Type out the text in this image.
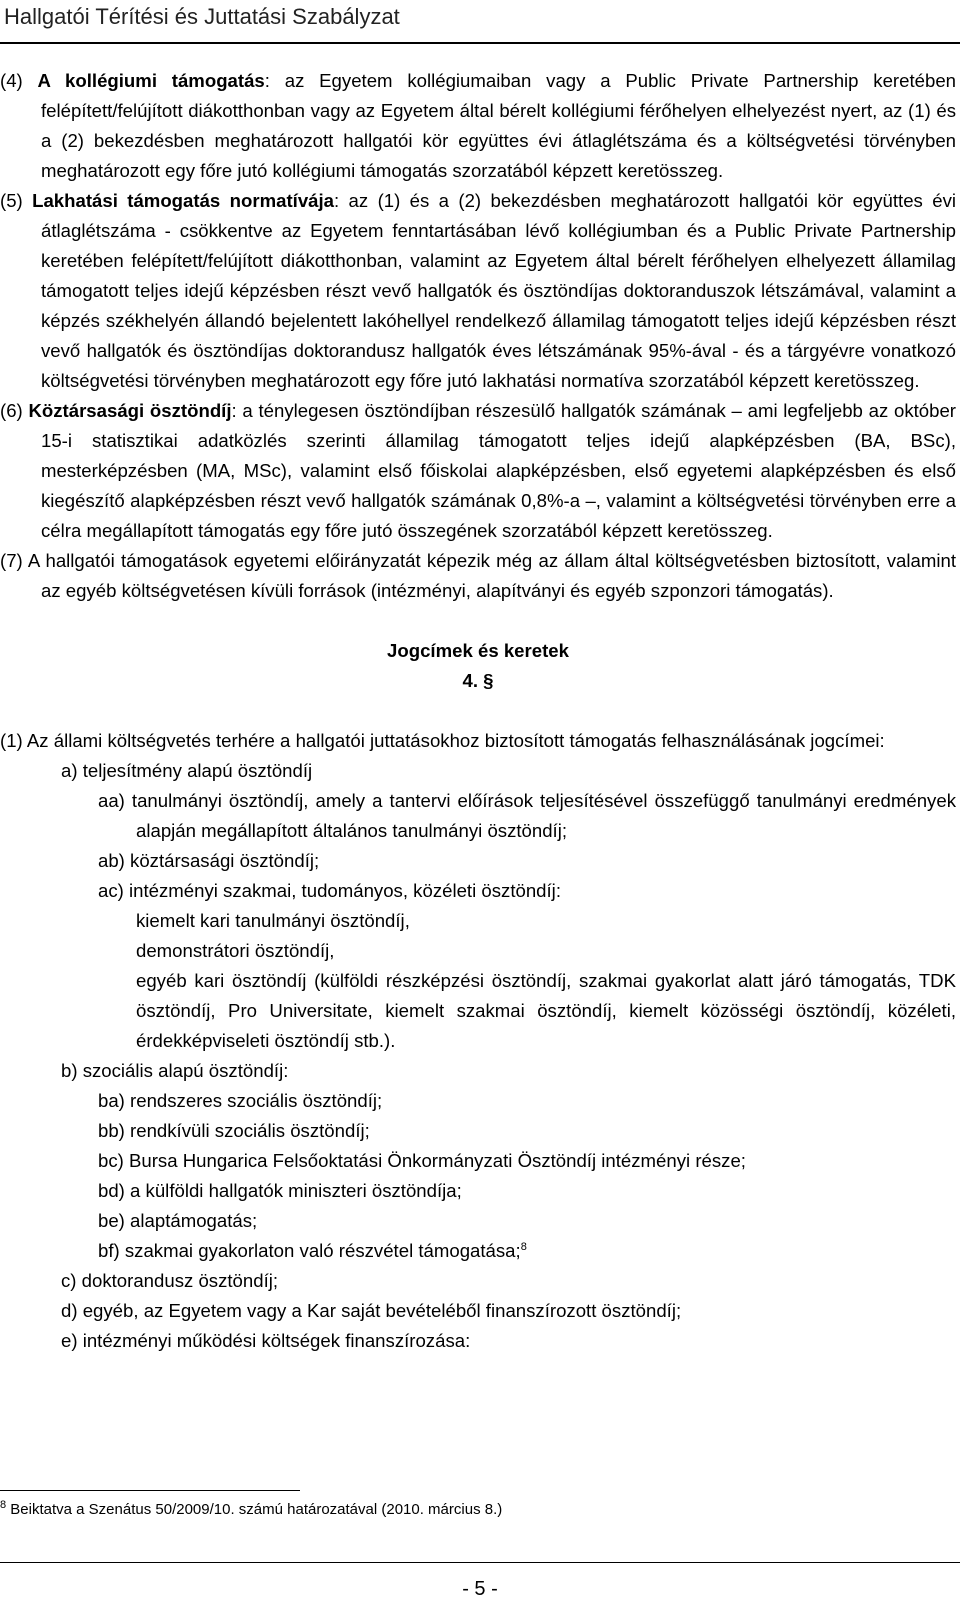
Hallgatói Térítési és Juttatási Szabályzat

(4) A kollégiumi támogatás: az Egyetem kollégiumaiban vagy a Public Private Partnership keretében felépített/felújított diákotthonban vagy az Egyetem által bérelt kollégiumi férőhelyen elhelyezést nyert, az (1) és a (2) bekezdésben meghatározott hallgatói kör együttes évi átlaglétszáma és a költségvetési törvényben meghatározott egy főre jutó kollégiumi támogatás szorzatából képzett keretösszeg.

(5) Lakhatási támogatás normatívája: az (1) és a (2) bekezdésben meghatározott hallgatói kör együttes évi átlaglétszáma - csökkentve az Egyetem fenntartásában lévő kollégiumban és a Public Private Partnership keretében felépített/felújított diákotthonban, valamint az Egyetem által bérelt férőhelyen elhelyezett államilag támogatott teljes idejű képzésben részt vevő hallgatók és ösztöndíjas doktoranduszok létszámával, valamint a képzés székhelyén állandó bejelentett lakóhellyel rendelkező államilag támogatott teljes idejű képzésben részt vevő hallgatók és ösztöndíjas doktorandusz hallgatók éves létszámának 95%-ával - és a tárgyévre vonatkozó költségvetési törvényben meghatározott egy főre jutó lakhatási normatíva szorzatából képzett keretösszeg.

(6) Köztársasági ösztöndíj: a ténylegesen ösztöndíjban részesülő hallgatók számának – ami legfeljebb az október 15-i statisztikai adatközlés szerinti államilag támogatott teljes idejű alapképzésben (BA, BSc), mesterképzésben (MA, MSc), valamint első főiskolai alapképzésben, első egyetemi alapképzésben és első kiegészítő alapképzésben részt vevő hallgatók számának 0,8%-a –, valamint a költségvetési törvényben erre a célra megállapított támogatás egy főre jutó összegének szorzatából képzett keretösszeg.

(7) A hallgatói támogatások egyetemi előirányzatát képezik még az állam által költségvetésben biztosított, valamint az egyéb költségvetésen kívüli források (intézményi, alapítványi és egyéb szponzori támogatás).

Jogcímek és keretek

4. §

(1) Az állami költségvetés terhére a hallgatói juttatásokhoz biztosított támogatás felhasználásának jogcímei:

a) teljesítmény alapú ösztöndíj

aa) tanulmányi ösztöndíj, amely a tantervi előírások teljesítésével összefüggő tanulmányi eredmények alapján megállapított általános tanulmányi ösztöndíj;

ab) köztársasági ösztöndíj;

ac) intézményi szakmai, tudományos, közéleti ösztöndíj:

kiemelt kari tanulmányi ösztöndíj,

demonstrátori ösztöndíj,

egyéb kari ösztöndíj (külföldi részképzési ösztöndíj, szakmai gyakorlat alatt járó támogatás, TDK ösztöndíj, Pro Universitate, kiemelt szakmai ösztöndíj, kiemelt közösségi ösztöndíj, közéleti, érdekképviseleti ösztöndíj stb.).

b) szociális alapú ösztöndíj:

ba) rendszeres szociális ösztöndíj;

bb) rendkívüli szociális ösztöndíj;

bc) Bursa Hungarica Felsőoktatási Önkormányzati Ösztöndíj intézményi része;

bd) a külföldi hallgatók miniszteri ösztöndíja;

be) alaptámogatás;

bf) szakmai gyakorlaton való részvétel támogatása;$^8$

c) doktorandusz ösztöndíj;

d) egyéb, az Egyetem vagy a Kar saját bevételéből finanszírozott ösztöndíj;

e) intézményi működési költségek finanszírozása:

$^8$ Beiktatva a Szenátus 50/2009/10. számú határozatával (2010. március 8.)
- 5 -
